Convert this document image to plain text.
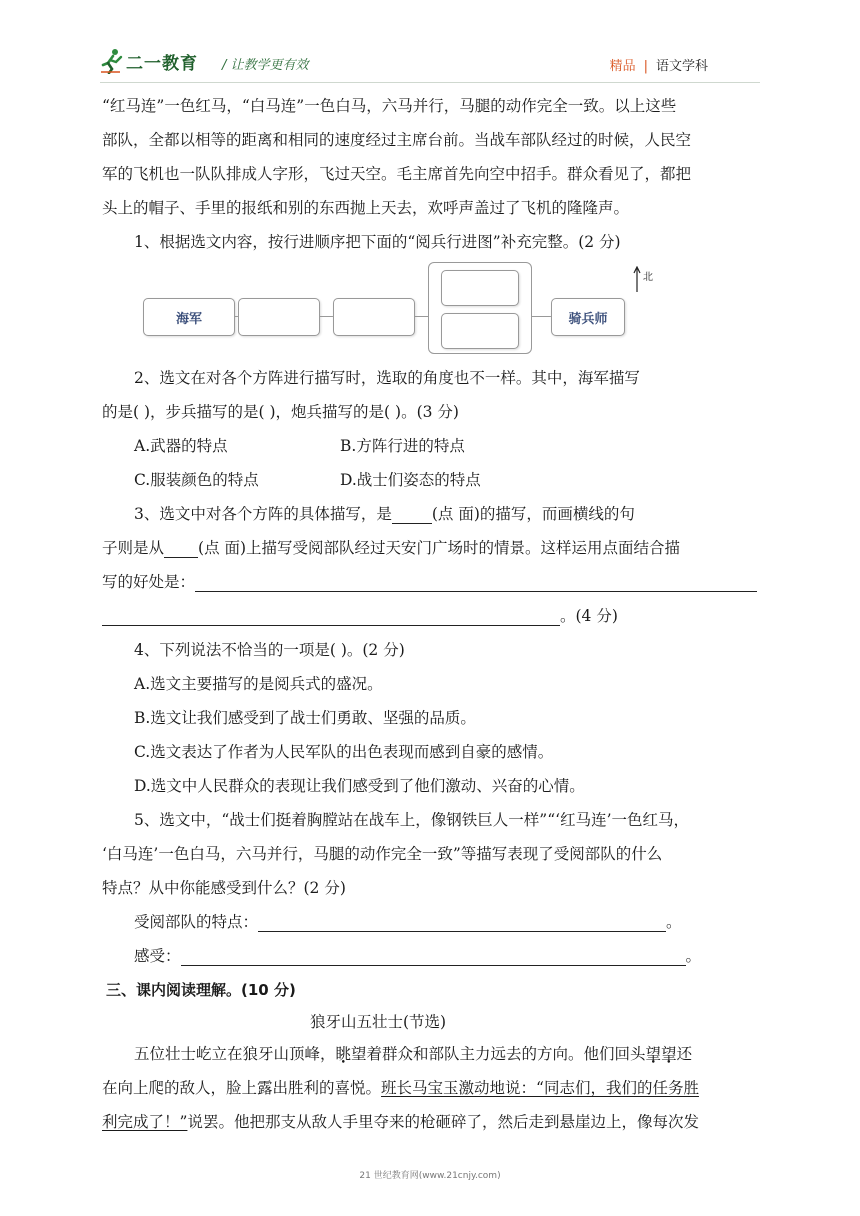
二一教育 / 让教学更有效	精品 | 语文学科
“红马连”一色红马，“白马连”一色白马，六马并行，马腿的动作完全一致。以上这些
部队，全都以相等的距离和相同的速度经过主席台前。当战车部队经过的时候，人民空
军的飞机也一队队排成人字形，飞过天空。毛主席首先向空中招手。群众看见了，都把
头上的帽子、手里的报纸和别的东西抛上天去，欢呼声盖过了飞机的隆隆声。
1、根据选文内容，按行进顺序把下面的“阅兵行进图”补充完整。(2 分)
海军	骑兵师
北
2、选文在对各个方阵进行描写时，选取的角度也不一样。其中，海军描写
的是( )，步兵描写的是( )，炮兵描写的是( )。(3 分)
A.武器的特点	B.方阵行进的特点
C.服装颜色的特点	D.战士们姿态的特点
3、选文中对各个方阵的具体描写，是	(点 面)的描写，而画横线的句
子则是从 (点 面)上描写受阅部队经过天安门广场时的情景。这样运用点面结合描
写的好处是：
。(4 分)
4、下列说法不恰当的一项是( )。(2 分)
A.选文主要描写的是阅兵式的盛况。
B.选文让我们感受到了战士们勇敢、坚强的品质。
C.选文表达了作者为人民军队的出色表现而感到自豪的感情。
D.选文中人民群众的表现让我们感受到了他们激动、兴奋的心情。
5、选文中，“战士们挺着胸膛站在战车上，像钢铁巨人一样”“‘红马连’一色红马，
‘白马连’一色白马，六马并行，马腿的动作完全一致”等描写表现了受阅部队的什么
特点？从中你能感受到什么？(2 分)
受阅部队的特点：	。
感受：	。
三、课内阅读理解。(10 分)
狼牙山五壮士(节选)
五位壮士屹立在狼牙山顶峰，眺望着群众和部队主力远去的方向。他们回头望望还
在向上爬的敌人，脸上露出胜利的喜悦。班长马宝玉激动地说：“同志们，我们的任务胜
利完成了！”说罢。他把那支从敌人手里夺来的枪砸碎了，然后走到悬崖边上，像每次发
21 世纪教育网(www.21cnjy.com)
